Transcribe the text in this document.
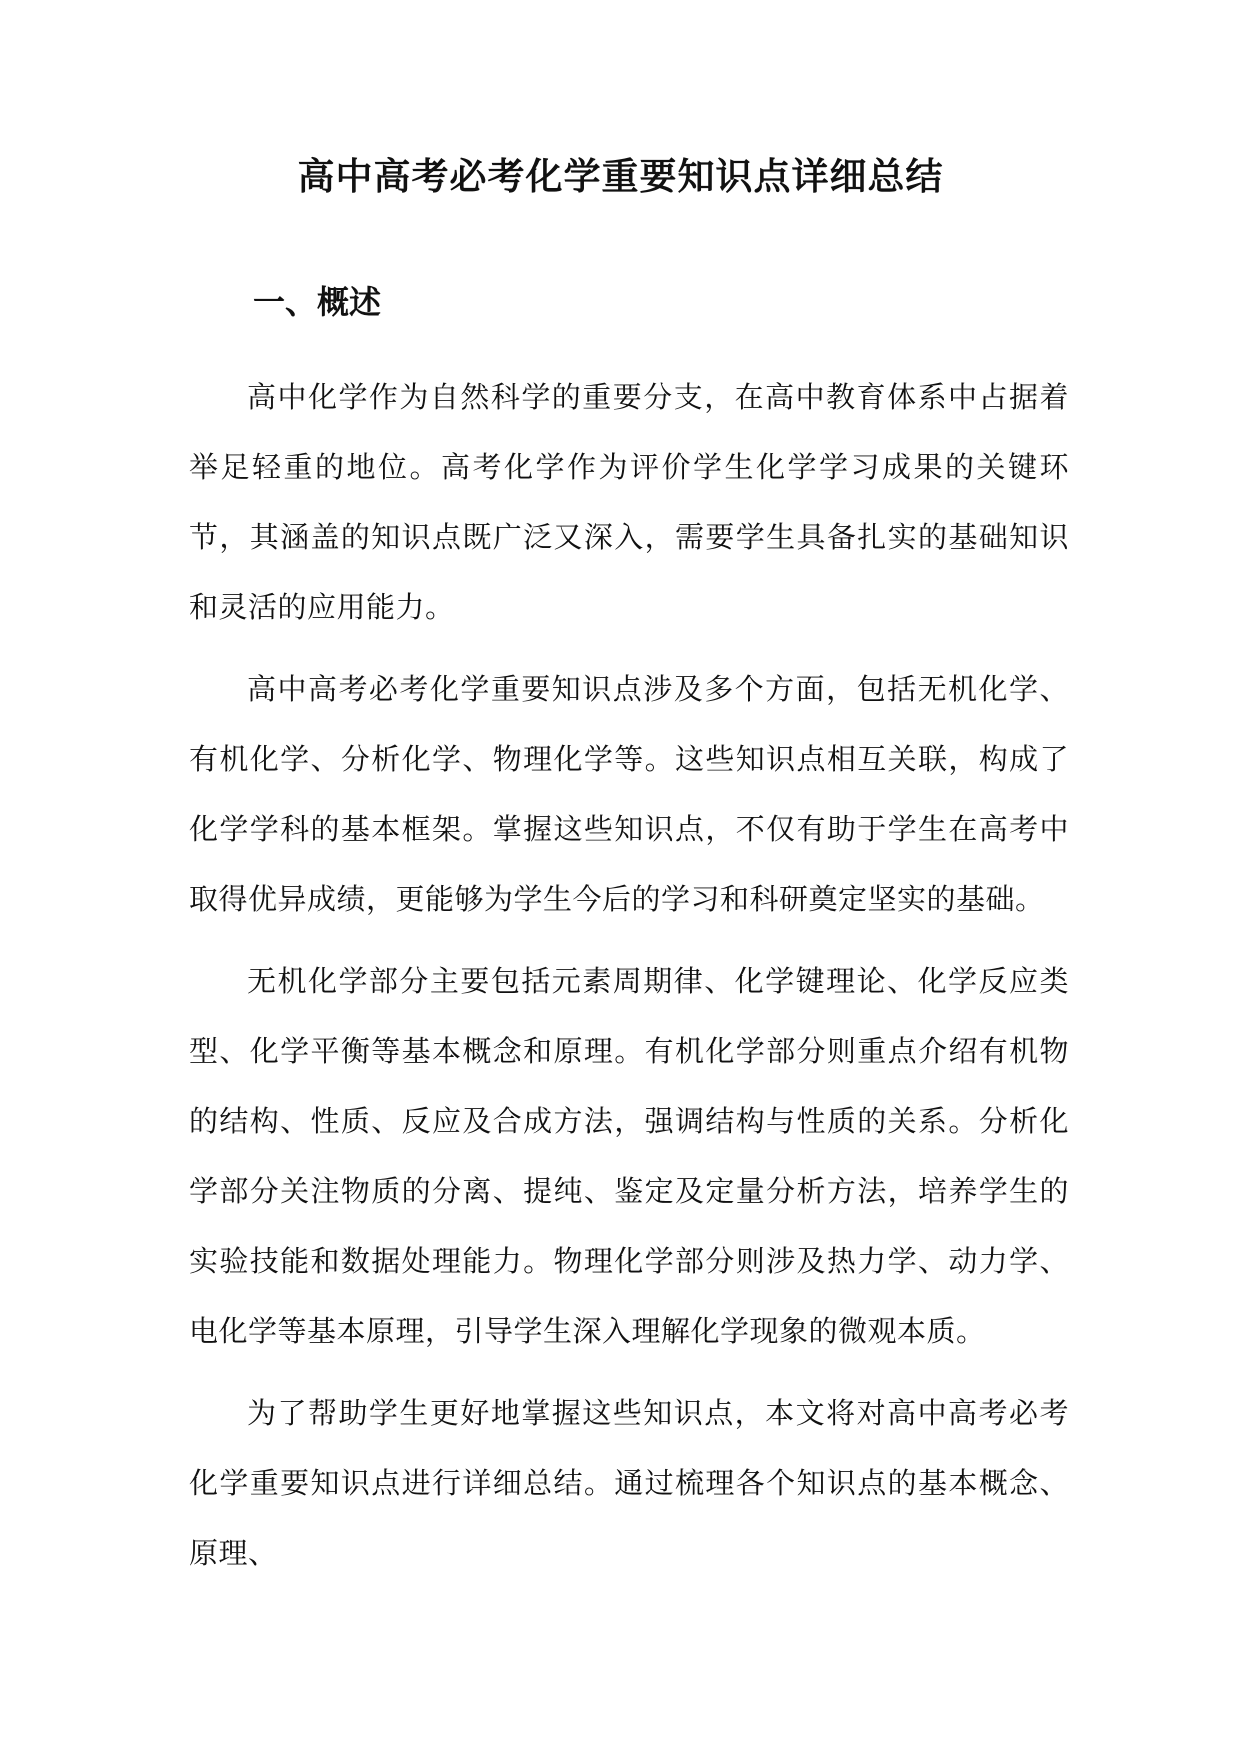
高中高考必考化学重要知识点详细总结
一、概述

高中化学作为自然科学的重要分支，在高中教育体系中占据着举足轻重的地位。高考化学作为评价学生化学学习成果的关键环节，其涵盖的知识点既广泛又深入，需要学生具备扎实的基础知识和灵活的应用能力。

高中高考必考化学重要知识点涉及多个方面，包括无机化学、有机化学、分析化学、物理化学等。这些知识点相互关联，构成了化学学科的基本框架。掌握这些知识点，不仅有助于学生在高考中取得优异成绩，更能够为学生今后的学习和科研奠定坚实的基础。

无机化学部分主要包括元素周期律、化学键理论、化学反应类型、化学平衡等基本概念和原理。有机化学部分则重点介绍有机物的结构、性质、反应及合成方法，强调结构与性质的关系。分析化学部分关注物质的分离、提纯、鉴定及定量分析方法，培养学生的实验技能和数据处理能力。物理化学部分则涉及热力学、动力学、电化学等基本原理，引导学生深入理解化学现象的微观本质。

为了帮助学生更好地掌握这些知识点，本文将对高中高考必考化学重要知识点进行详细总结。通过梳理各个知识点的基本概念、原理、
